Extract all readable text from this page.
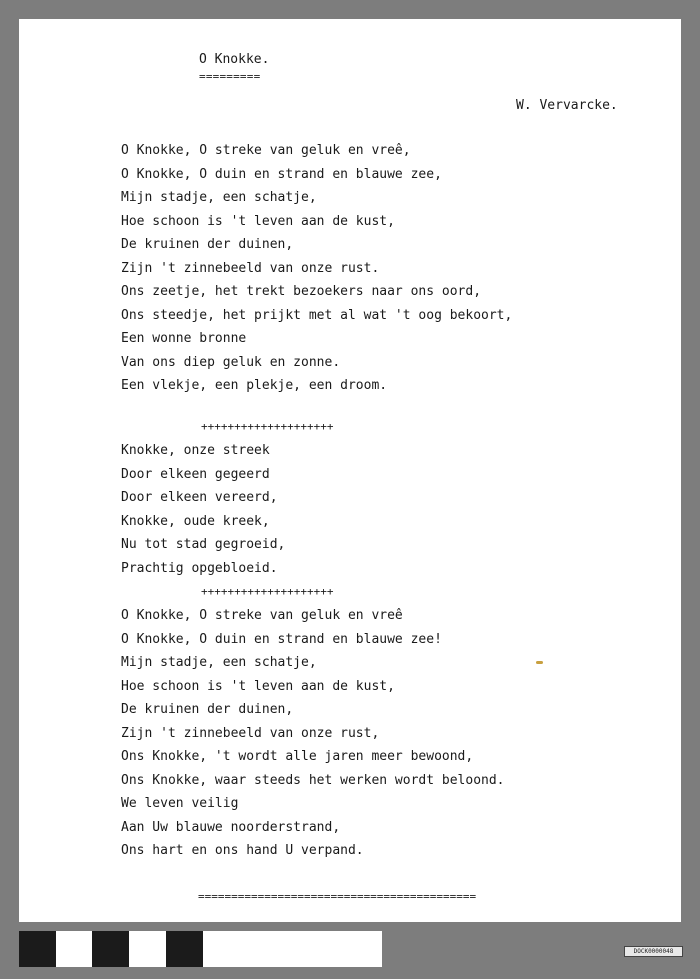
O Knokke.
=========
W. Vervarcke.
O Knokke, O streke van geluk en vreê,
O Knokke, O duin en strand en blauwe zee,
Mijn stadje, een schatje,
Hoe schoon is 't leven aan de kust,
De kruinen der duinen,
Zijn 't zinnebeeld van onze rust.
Ons zeetje, het trekt bezoekers naar ons oord,
Ons steedje, het prijkt met al wat 't oog bekoort,
Een wonne bronne
Van ons diep geluk en zonne.
Een vlekje, een plekje, een droom.
++++++++++++++++++++
Knokke, onze streek
Door elkeen gegeerd
Door elkeen vereerd,
Knokke, oude kreek,
Nu tot stad gegroeid,
Prachtig opgebloeid.
++++++++++++++++++++
O Knokke, O streke van geluk en vreê
O Knokke, O duin en strand en blauwe zee!
Mijn stadje, een schatje,
Hoe schoon is 't leven aan de kust,
De kruinen der duinen,
Zijn 't zinnebeeld van onze rust,
Ons Knokke, 't wordt alle jaren meer bewoond,
Ons Knokke, waar steeds het werken wordt beloond.
We leven veilig
Aan Uw blauwe noorderstrand,
Ons hart en ons hand U verpand.
==========================================
DOCK0000048
